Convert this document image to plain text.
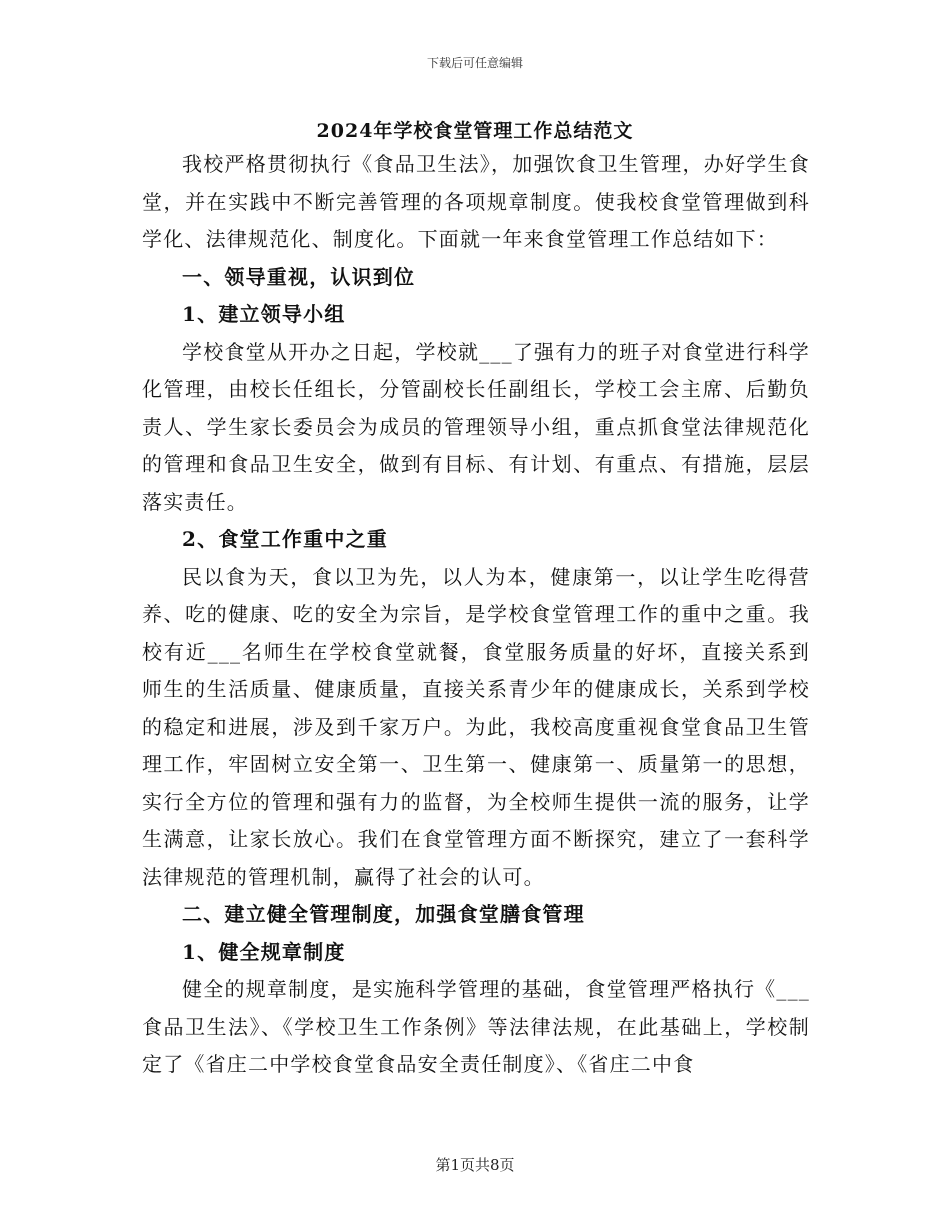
下载后可任意编辑
2024年学校食堂管理工作总结范文

我校严格贯彻执行《食品卫生法》，加强饮食卫生管理，办好学生食堂，并在实践中不断完善管理的各项规章制度。使我校食堂管理做到科学化、法律规范化、制度化。下面就一年来食堂管理工作总结如下：

一、领导重视，认识到位

1、建立领导小组

学校食堂从开办之日起，学校就___了强有力的班子对食堂进行科学化管理，由校长任组长，分管副校长任副组长，学校工会主席、后勤负责人、学生家长委员会为成员的管理领导小组，重点抓食堂法律规范化的管理和食品卫生安全，做到有目标、有计划、有重点、有措施，层层落实责任。

2、食堂工作重中之重

民以食为天，食以卫为先，以人为本，健康第一，以让学生吃得营养、吃的健康、吃的安全为宗旨，是学校食堂管理工作的重中之重。我校有近___名师生在学校食堂就餐，食堂服务质量的好坏，直接关系到师生的生活质量、健康质量，直接关系青少年的健康成长，关系到学校的稳定和进展，涉及到千家万户。为此，我校高度重视食堂食品卫生管理工作，牢固树立安全第一、卫生第一、健康第一、质量第一的思想，实行全方位的管理和强有力的监督，为全校师生提供一流的服务，让学生满意，让家长放心。我们在食堂管理方面不断探究，建立了一套科学法律规范的管理机制，赢得了社会的认可。

二、建立健全管理制度，加强食堂膳食管理

1、健全规章制度

健全的规章制度，是实施科学管理的基础，食堂管理严格执行《___食品卫生法》、《学校卫生工作条例》等法律法规，在此基础上，学校制定了《省庄二中学校食堂食品安全责任制度》、《省庄二中食

第1页共8页
